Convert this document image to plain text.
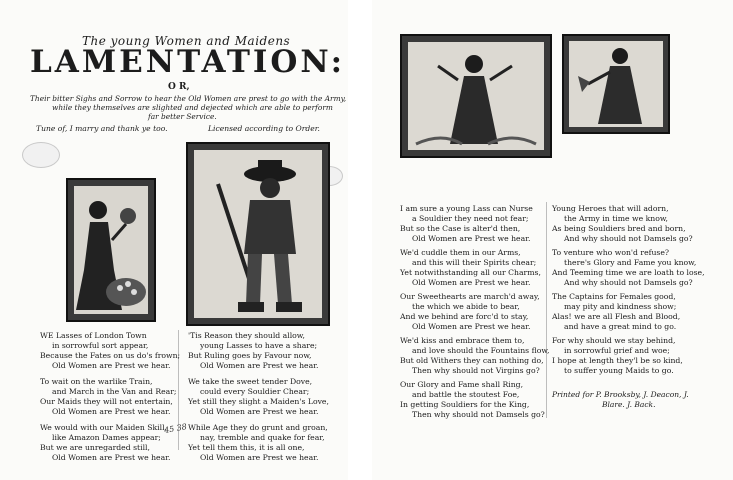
The young Women and Maidens
LAMENTATION:
O R,
Their bitter Sighs and Sorrow to hear the Old Women are prest to go with the Army,
while they themselves are slighted and dejected which are able to perform
far better Service.
Tune of, I marry and thank ye too.	Licensed according to Order.
WE Lasses of London Town
in sorrowful sort appear,
Because the Fates on us do's frown;
Old Women are Prest we hear.
To wait on the warlike Train,
and March in the Van and Rear;
Our Maids they will not entertain,
Old Women are Prest we hear.
We would with our Maiden Skill,
like Amazon Dames appear;
But we are unregarded still,
Old Women are Prest we hear.
45 38
'Tis Reason they should allow,
young Lasses to have a share;
But Ruling goes by Favour now,
Old Women are Prest we hear.
We take the sweet tender Dove,
could every Souldier Chear;
Yet still they slight a Maiden's Love,
Old Women are Prest we hear.
While Age they do grunt and groan,
nay, tremble and quake for fear,
Yet tell them this, it is all one,
Old Women are Prest we hear.
I am sure a young Lass can Nurse
a Souldier they need not fear;
But so the Case is alter'd then,
Old Women are Prest we hear.
We'd cuddle them in our Arms,
and this will their Spirits chear;
Yet notwithstanding all our Charms,
Old Women are Prest we hear.
Our Sweethearts are march'd away,
the which we abide to bear,
And we behind are forc'd to stay,
Old Women are Prest we hear.
We'd kiss and embrace them to,
and love should the Fountains flow,
But old Withers they can nothing do,
Then why should not Virgins go?
Our Glory and Fame shall Ring,
and battle the stoutest Foe,
In getting Souldiers for the King,
Then why should not Damsels go?
Young Heroes that will adorn,
the Army in time we know,
As being Souldiers bred and born,
And why should not Damsels go?
To venture who won'd refuse?
there's Glory and Fame you know,
And Teeming time we are loath to lose,
And why should not Damsels go?
The Captains for Females good,
may pity and kindness show;
Alas! we are all Flesh and Blood,
and have a great mind to go.
For why should we stay behind,
in sorrowful grief and woe;
I hope at length they'l be so kind,
to suffer young Maids to go.
Printed for P. Brooksby, J. Deacon, J.
Blare. J. Back.
